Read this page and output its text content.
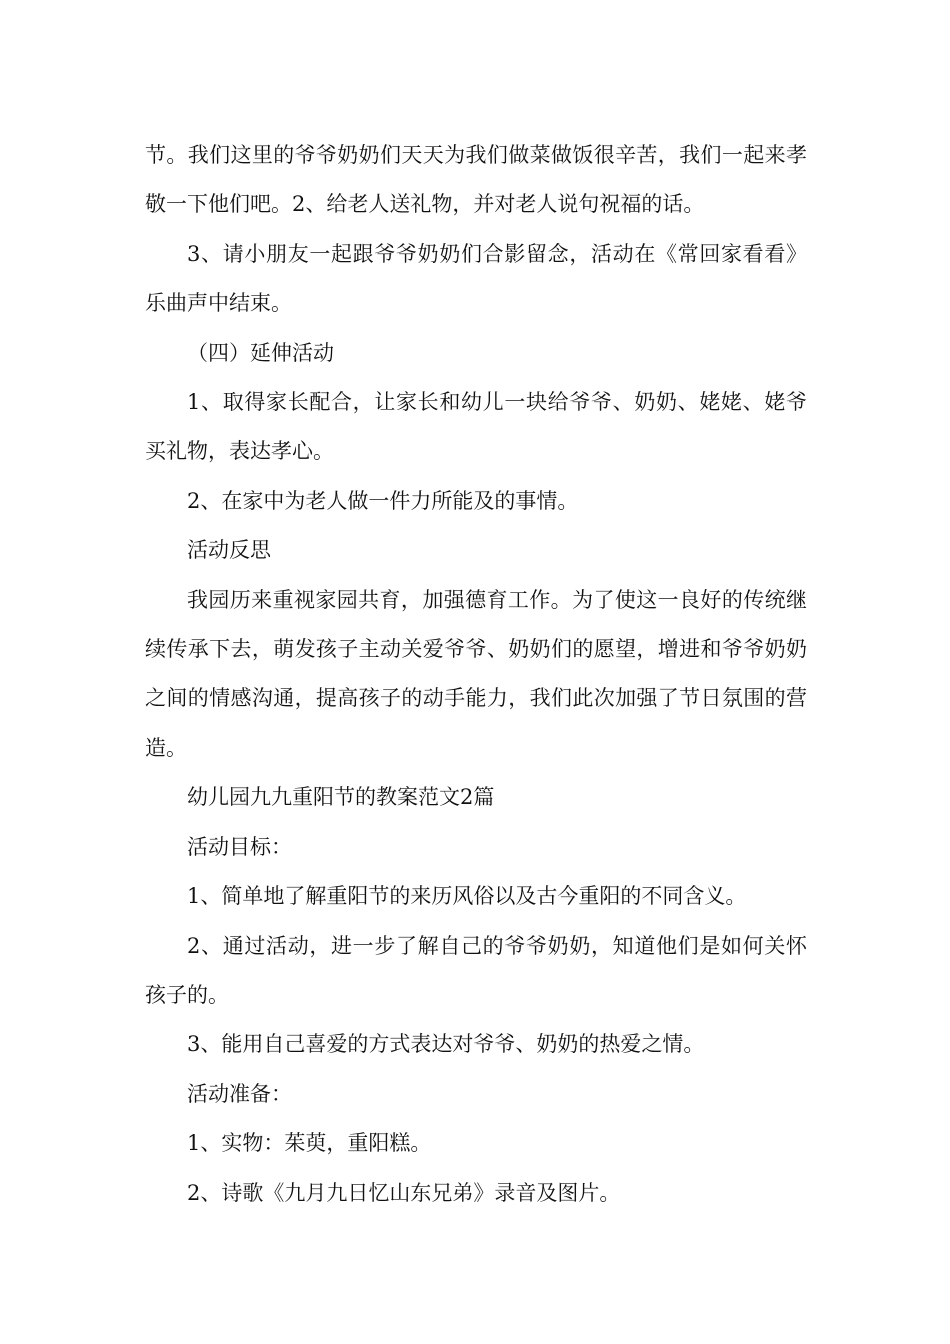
节。我们这里的爷爷奶奶们天天为我们做菜做饭很辛苦，我们一起来孝敬一下他们吧。2、给老人送礼物，并对老人说句祝福的话。

3、请小朋友一起跟爷爷奶奶们合影留念，活动在《常回家看看》乐曲声中结束。

（四）延伸活动

1、取得家长配合，让家长和幼儿一块给爷爷、奶奶、姥姥、姥爷买礼物，表达孝心。

2、在家中为老人做一件力所能及的事情。

活动反思

我园历来重视家园共育，加强德育工作。为了使这一良好的传统继续传承下去，萌发孩子主动关爱爷爷、奶奶们的愿望，增进和爷爷奶奶之间的情感沟通，提高孩子的动手能力，我们此次加强了节日氛围的营造。

幼儿园九九重阳节的教案范文2篇

活动目标：

1、简单地了解重阳节的来历风俗以及古今重阳的不同含义。

2、通过活动，进一步了解自己的爷爷奶奶，知道他们是如何关怀孩子的。

3、能用自己喜爱的方式表达对爷爷、奶奶的热爱之情。

活动准备：

1、实物：茱萸，重阳糕。

2、诗歌《九月九日忆山东兄弟》录音及图片。
